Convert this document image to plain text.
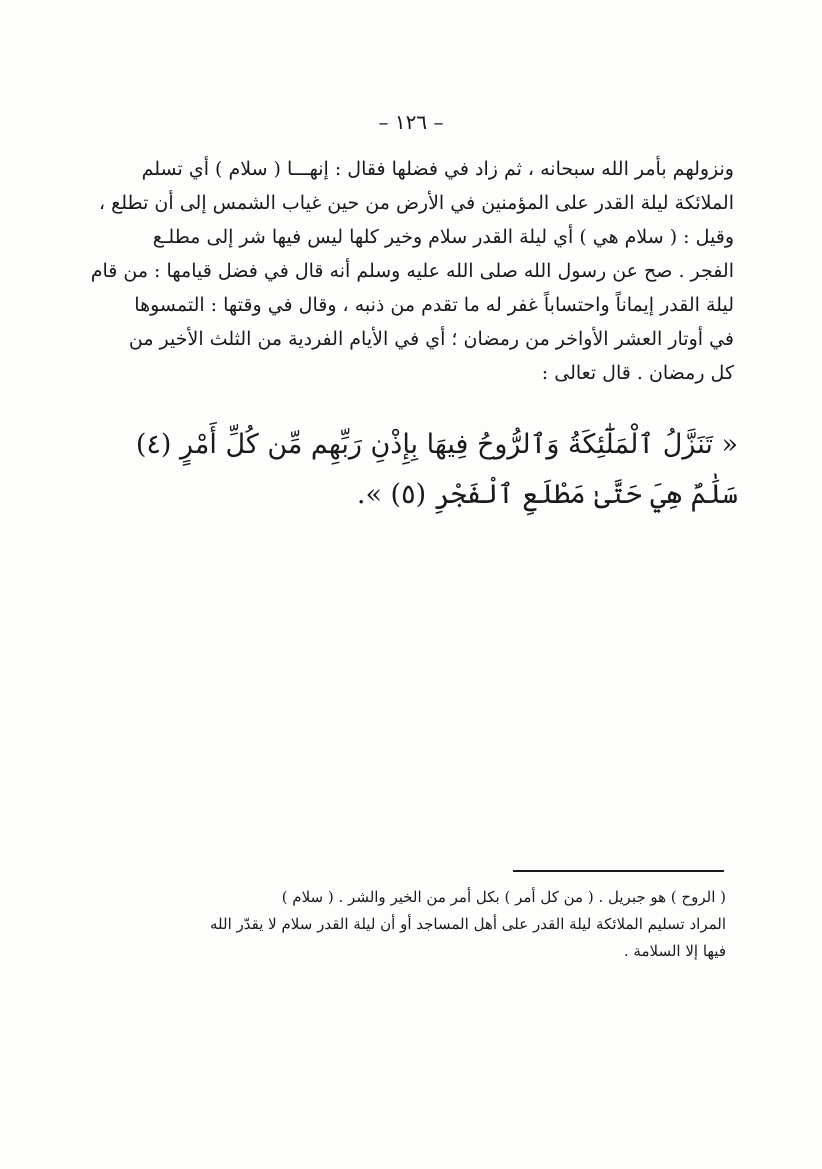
– ١٢٦ –
ونزولهم بأمر الله سبحانه ، ثم زاد في فضلها فقال : إنهـــا ( سلام ) أي تسلم
الملائكة ليلة القدر على المؤمنين في الأرض من حين غياب الشمس إلى أن تطلع ،
وقيل : ( سلام هي ) أي ليلة القدر سلام وخير كلها ليس فيها شر إلى مطلـع
الفجر . صح عن رسول الله صلى الله عليه وسلم أنه قال في فضل قيامها : من قام
ليلة القدر إيماناً واحتساباً غفر له ما تقدم من ذنبه ، وقال في وقتها : التمسوها
في أوتار العشر الأواخر من رمضان ؛ أي في الأيام الفردية من الثلث الأخير من
كل رمضان . قال تعالى :
« تَنَزَّلُ ٱلْمَلَٰٓئِكَةُ وَٱلرُّوحُ فِيهَا بِإِذْنِ رَبِّهِم مِّن كُلِّ أَمْرٍ (٤)
سَلَٰمٌ هِيَ حَتَّىٰ مَطْلَعِ ٱلْفَجْرِ (٥) ».
( الروح ) هو جبريل . ( من كل أمر ) بكل أمر من الخير والشر . ( سلام )
المراد تسليم الملائكة ليلة القدر على أهل المساجد أو أن ليلة القدر سلام لا يقدّر الله
فيها إلا السلامة .
